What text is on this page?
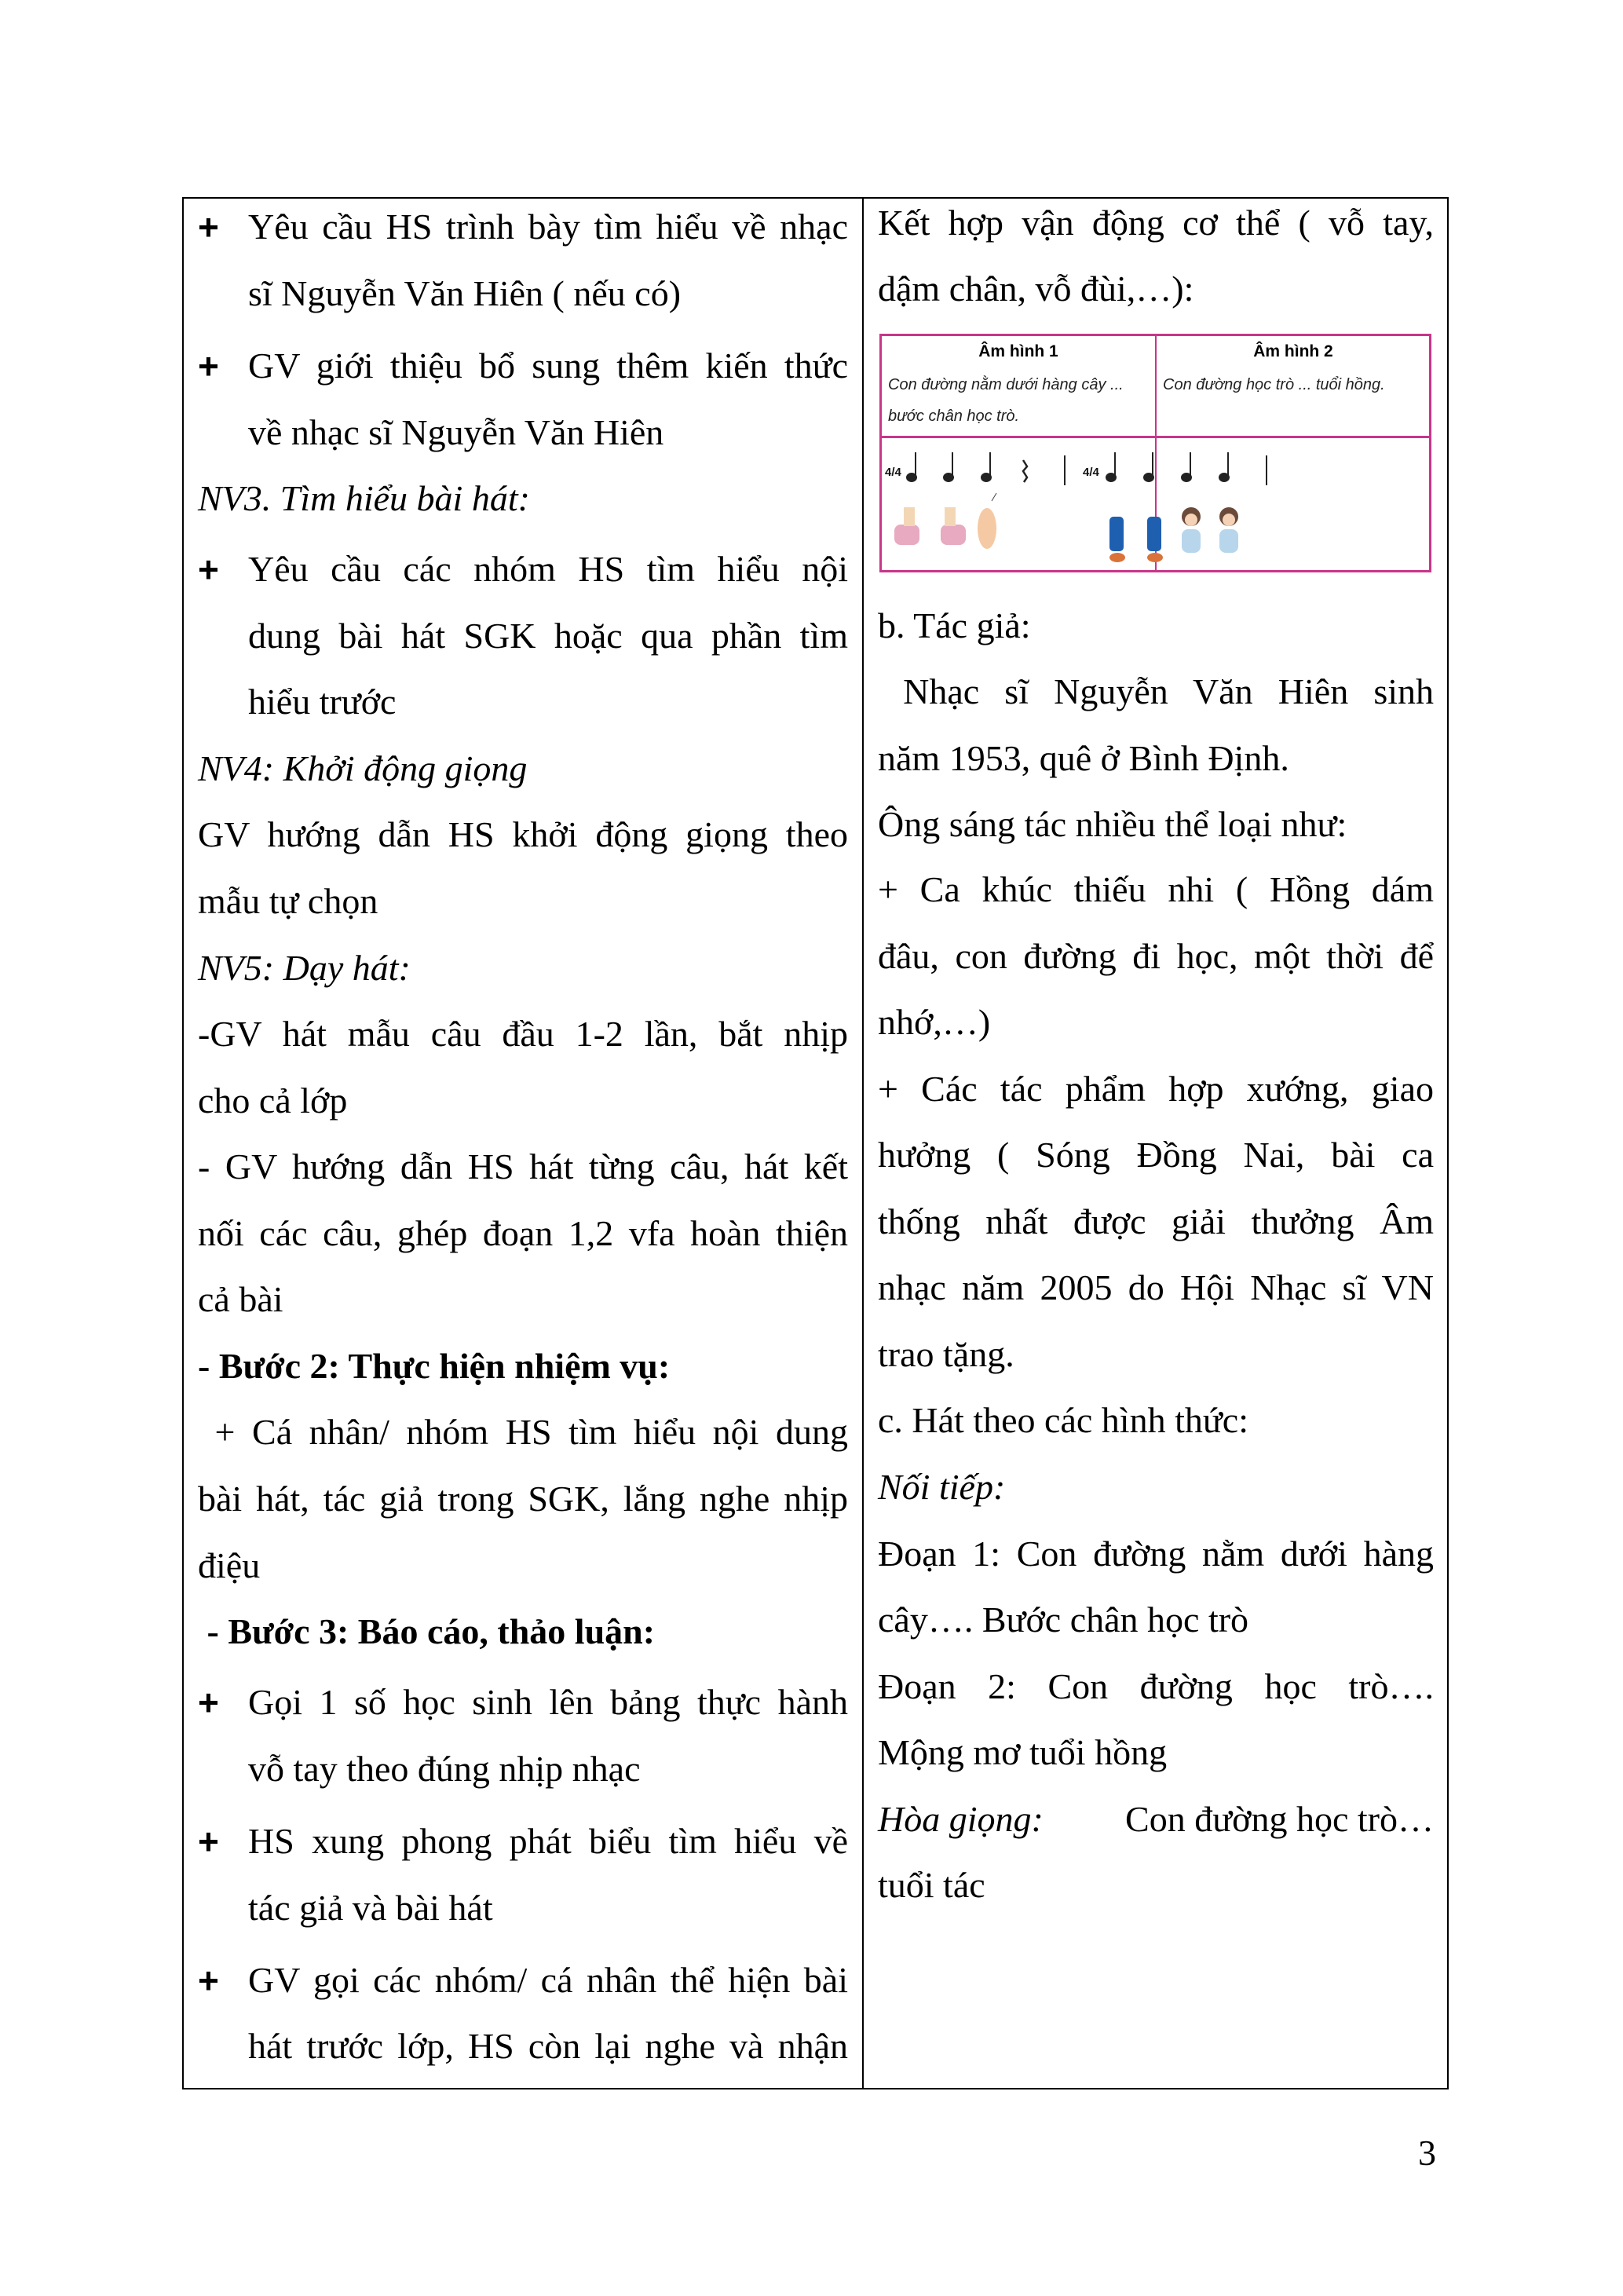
+ Yêu cầu HS trình bày tìm hiểu về nhạc
sĩ Nguyễn Văn Hiên ( nếu có)
+ GV giới thiệu bổ sung thêm kiến thức
về nhạc sĩ Nguyễn Văn Hiên
NV3. Tìm hiểu bài hát:
+ Yêu cầu các nhóm HS tìm hiểu nội
dung bài hát SGK hoặc qua phần tìm
hiểu trước
NV4: Khởi động giọng
GV hướng dẫn HS khởi động giọng theo
mẫu tự chọn
NV5: Dạy hát:
-GV hát mẫu câu đầu 1-2 lần, bắt nhịp
cho cả lớp
- GV hướng dẫn HS hát từng câu, hát kết
nối các câu, ghép đoạn 1,2 vfa hoàn thiện
cả bài
- Bước 2: Thực hiện nhiệm vụ:
+ Cá nhân/ nhóm HS tìm hiểu nội dung
bài hát, tác giả trong SGK, lắng nghe nhịp
điệu
- Bước 3: Báo cáo, thảo luận:
+ Gọi 1 số học sinh lên bảng thực hành
vỗ tay theo đúng nhịp nhạc
+ HS xung phong phát biểu tìm hiểu về
tác giả và bài hát
+ GV gọi các nhóm/ cá nhân thể hiện bài
hát trước lớp, HS còn lại nghe và nhận
Kết hợp vận động cơ thể ( vỗ tay,
dậm chân, vỗ đùi,…):
Âm hình 1	Âm hình 2
Con đường nằm dưới hàng cây ...
bước chân học trò.
Con đường học trò ... tuổi hồng.
4/4	4/4
b. Tác giả:
Nhạc sĩ Nguyễn Văn Hiên sinh
năm 1953, quê ở Bình Định.
Ông sáng tác nhiều thể loại như:
+ Ca khúc thiếu nhi ( Hồng dám
đâu, con đường đi học, một thời để
nhớ,…)
+ Các tác phẩm hợp xướng, giao
hưởng ( Sóng Đồng Nai, bài ca
thống nhất được giải thưởng Âm
nhạc năm 2005 do Hội Nhạc sĩ VN
trao tặng.
c. Hát theo các hình thức:
Nối tiếp:
Đoạn 1: Con đường nằm dưới hàng
cây…. Bước chân học trò
Đoạn 2: Con đường học trò….
Mộng mơ tuổi hồng
Hòa giọng: Con đường học trò…
tuổi tác
3
